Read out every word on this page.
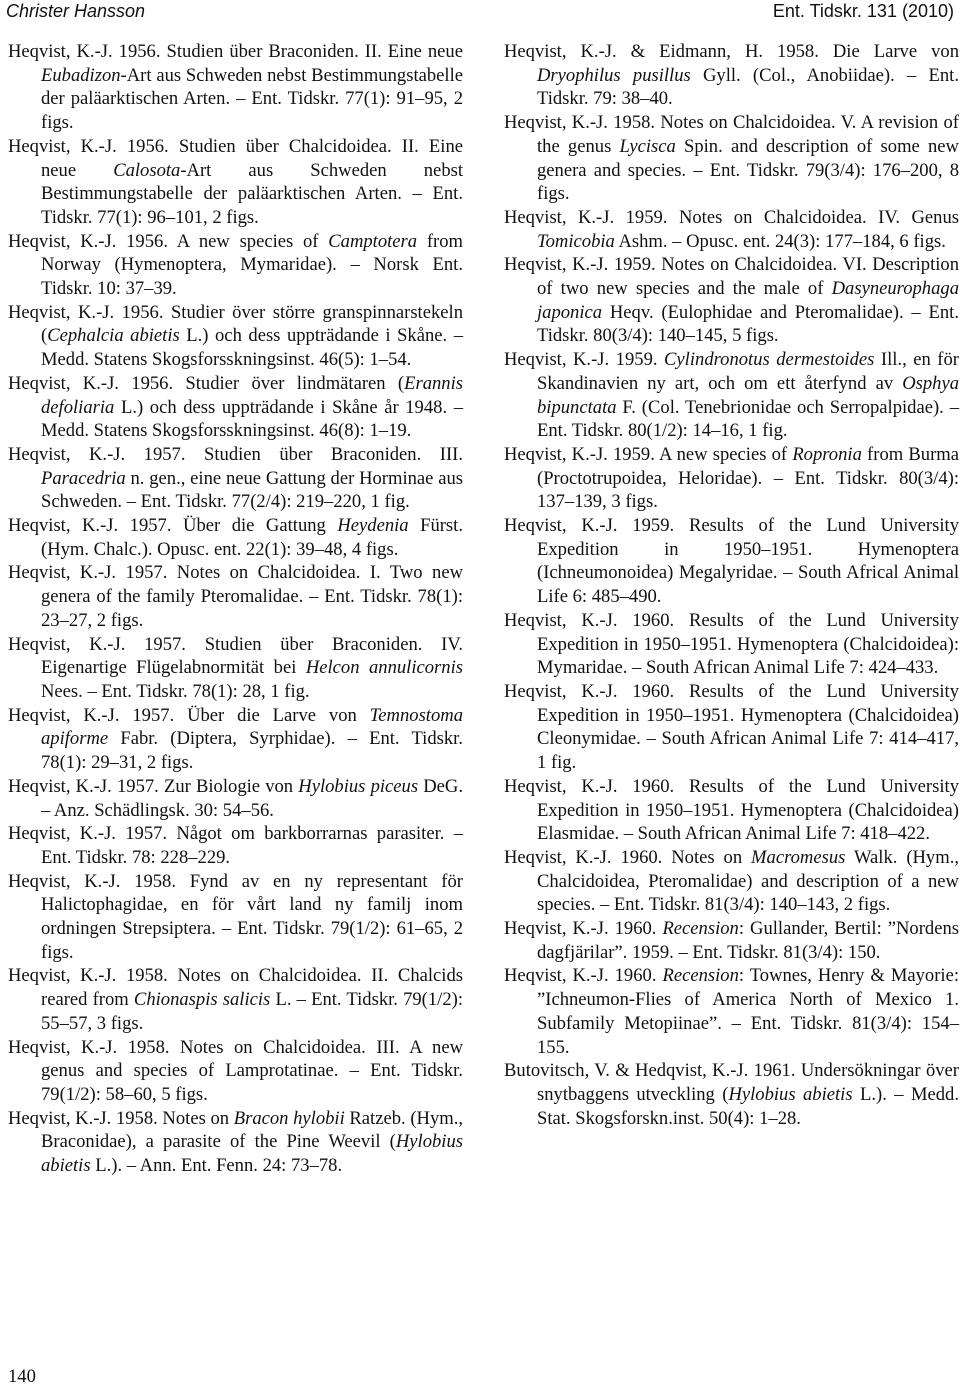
Christer Hansson	Ent. Tidskr. 131 (2010)

Heqvist, K.-J. 1956. Studien über Braconiden. II. Eine neue Eubadizon-Art aus Schweden nebst Bestimmungstabelle der paläarktischen Arten. – Ent. Tidskr. 77(1): 91–95, 2 figs.

Heqvist, K.-J. 1956. Studien über Chalcidoidea. II. Eine neue Calosota-Art aus Schweden nebst Bestimmungstabelle der paläarktischen Arten. – Ent. Tidskr. 77(1): 96–101, 2 figs.

Heqvist, K.-J. 1956. A new species of Camptotera from Norway (Hymenoptera, Mymaridae). – Norsk Ent. Tidskr. 10: 37–39.

Heqvist, K.-J. 1956. Studier över större granspinnarstekeln (Cephalcia abietis L.) och dess uppträdande i Skåne. – Medd. Statens Skogsforsskningsinst. 46(5): 1–54.

Heqvist, K.-J. 1956. Studier över lindmätaren (Erannis defoliaria L.) och dess uppträdande i Skåne år 1948. – Medd. Statens Skogsforsskningsinst. 46(8): 1–19.

Heqvist, K.-J. 1957. Studien über Braconiden. III. Paracedria n. gen., eine neue Gattung der Horminae aus Schweden. – Ent. Tidskr. 77(2/4): 219–220, 1 fig.

Heqvist, K.-J. 1957. Über die Gattung Heydenia Fürst. (Hym. Chalc.). Opusc. ent. 22(1): 39–48, 4 figs.

Heqvist, K.-J. 1957. Notes on Chalcidoidea. I. Two new genera of the family Pteromalidae. – Ent. Tidskr. 78(1): 23–27, 2 figs.

Heqvist, K.-J. 1957. Studien über Braconiden. IV. Eigenartige Flügelabnormität bei Helcon annulicornis Nees. – Ent. Tidskr. 78(1): 28, 1 fig.

Heqvist, K.-J. 1957. Über die Larve von Temnostoma apiforme Fabr. (Diptera, Syrphidae). – Ent. Tidskr. 78(1): 29–31, 2 figs.

Heqvist, K.-J. 1957. Zur Biologie von Hylobius piceus DeG. – Anz. Schädlingsk. 30: 54–56.

Heqvist, K.-J. 1957. Något om barkborrarnas parasiter. – Ent. Tidskr. 78: 228–229.

Heqvist, K.-J. 1958. Fynd av en ny representant för Halictophagidae, en för vårt land ny familj inom ordningen Strepsiptera. – Ent. Tidskr. 79(1/2): 61–65, 2 figs.

Heqvist, K.-J. 1958. Notes on Chalcidoidea. II. Chalcids reared from Chionaspis salicis L. – Ent. Tidskr. 79(1/2): 55–57, 3 figs.

Heqvist, K.-J. 1958. Notes on Chalcidoidea. III. A new genus and species of Lamprotatinae. – Ent. Tidskr. 79(1/2): 58–60, 5 figs.

Heqvist, K.-J. 1958. Notes on Bracon hylobii Ratzeb. (Hym., Braconidae), a parasite of the Pine Weevil (Hylobius abietis L.). – Ann. Ent. Fenn. 24: 73–78.

Heqvist, K.-J. & Eidmann, H. 1958. Die Larve von Dryophilus pusillus Gyll. (Col., Anobiidae). – Ent. Tidskr. 79: 38–40.

Heqvist, K.-J. 1958. Notes on Chalcidoidea. V. A revision of the genus Lycisca Spin. and description of some new genera and species. – Ent. Tidskr. 79(3/4): 176–200, 8 figs.

Heqvist, K.-J. 1959. Notes on Chalcidoidea. IV. Genus Tomicobia Ashm. – Opusc. ent. 24(3): 177–184, 6 figs.

Heqvist, K.-J. 1959. Notes on Chalcidoidea. VI. Description of two new species and the male of Dasyneurophaga japonica Heqv. (Eulophidae and Pteromalidae). – Ent. Tidskr. 80(3/4): 140–145, 5 figs.

Heqvist, K.-J. 1959. Cylindronotus dermestoides Ill., en för Skandinavien ny art, och om ett återfynd av Osphya bipunctata F. (Col. Tenebrionidae och Serropalpidae). – Ent. Tidskr. 80(1/2): 14–16, 1 fig.

Heqvist, K.-J. 1959. A new species of Roproniа from Burma (Proctotrupoidea, Heloridae). – Ent. Tidskr. 80(3/4): 137–139, 3 figs.

Heqvist, K.-J. 1959. Results of the Lund University Expedition in 1950–1951. Hymenoptera (Ichneumonoidea) Megalyridae. – South Africal Animal Life 6: 485–490.

Heqvist, K.-J. 1960. Results of the Lund University Expedition in 1950–1951. Hymenoptera (Chalcidoidea): Mymaridae. – South African Animal Life 7: 424–433.

Heqvist, K.-J. 1960. Results of the Lund University Expedition in 1950–1951. Hymenoptera (Chalcidoidea) Cleonymidae. – South African Animal Life 7: 414–417, 1 fig.

Heqvist, K.-J. 1960. Results of the Lund University Expedition in 1950–1951. Hymenoptera (Chalcidoidea) Elasmidae. – South African Animal Life 7: 418–422.

Heqvist, K.-J. 1960. Notes on Macromesus Walk. (Hym., Chalcidoidea, Pteromalidae) and description of a new species. – Ent. Tidskr. 81(3/4): 140–143, 2 figs.

Heqvist, K.-J. 1960. Recension: Gullander, Bertil: ”Nordens dagfjärilar”. 1959. – Ent. Tidskr. 81(3/4): 150.

Heqvist, K.-J. 1960. Recension: Townes, Henry & Mayorie: ”Ichneumon-Flies of America North of Mexico 1. Subfamily Metopiinae”. – Ent. Tidskr. 81(3/4): 154–155.

Butovitsch, V. & Hedqvist, K.-J. 1961. Undersökningar över snytbaggens utveckling (Hylobius abietis L.). – Medd. Stat. Skogsforskn.inst. 50(4): 1–28.

140
